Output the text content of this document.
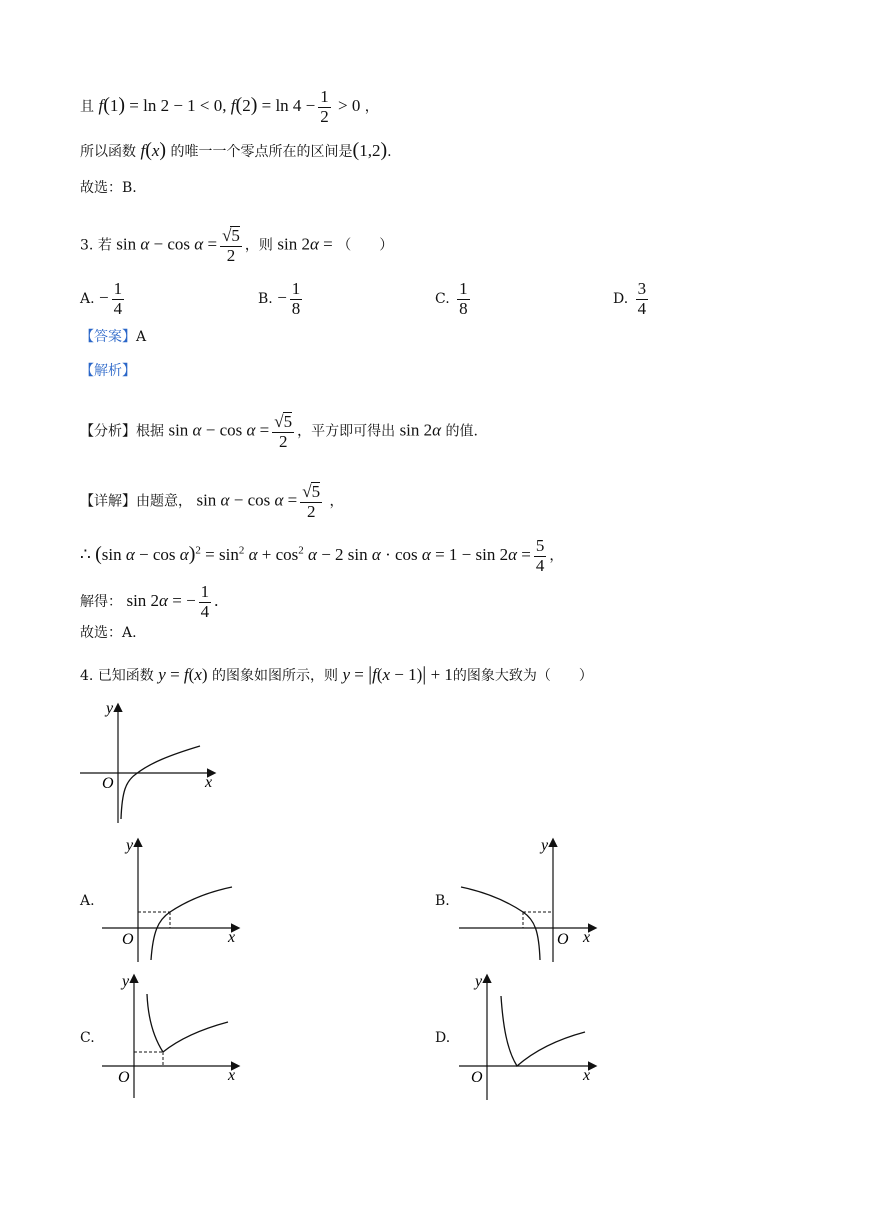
且 f(1) = ln 2 − 1 < 0, $f(2) = \ln 4 - \frac{1}{2} > 0$ ，
所以函数 f(x) 的唯一一个零点所在的区间是(1,2).
故选：B.
3. 若 $\sin \alpha - \cos \alpha = \frac{√5}{2}$ ，则 sin 2α = （　　）
A. − $\frac{1}{4}$	B. − $\frac{1}{8}$	C. $\frac{1}{8}$	D. $\frac{3}{4}$
【答案】A
【解析】
【分析】根据 $\sin \alpha - \cos \alpha = \frac{√5}{2}$ ，平方即可得出 sin 2α 的值.
【详解】由题意， $\sin \alpha - \cos \alpha = \frac{√5}{2}$ ，
∴ (sin $\alpha - \cos \alpha)^2 = \sin^2 \alpha + \cos^2 \alpha - 2$ $\sin \alpha \cdot \cos \alpha = 1 - \sin 2\alpha = \frac{5}{4}$ ，
解得： sin 2α = − $\frac{1}{4}$ .
故选：A.
4. 已知函数 y = f(x) 的图象如图所示，则 y = |f(x − 1)| + 1的图象大致为（　　）
y
x
O
A.
y
x
O
B.
y
x
O
C.
y
x
O
D.
y
x
O
